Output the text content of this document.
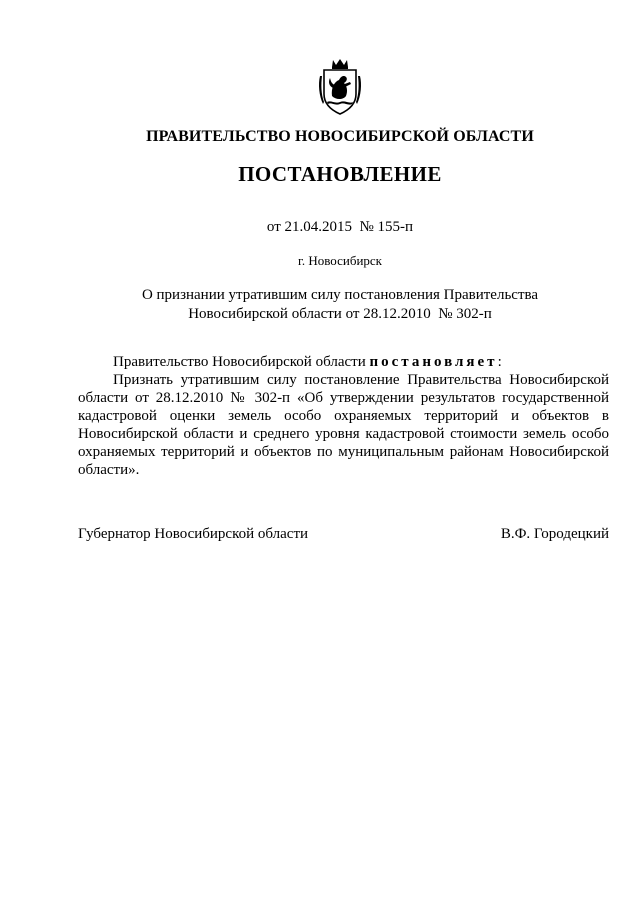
ПРАВИТЕЛЬСТВО НОВОСИБИРСКОЙ ОБЛАСТИ
ПОСТАНОВЛЕНИЕ
от 21.04.2015  № 155-п
г. Новосибирск
О признании утратившим силу постановления Правительства
Новосибирской области от 28.12.2010  № 302-п

Правительство Новосибирской области постановляет:

Признать утратившим силу постановление Правительства Новосибирской области от 28.12.2010 № 302-п «Об утверждении результатов государственной кадастровой оценки земель особо охраняемых территорий и объектов в Новосибирской области и среднего уровня кадастровой стоимости земель особо охраняемых территорий и объектов по муниципальным районам Новосибирской области».

Губернатор Новосибирской области	В.Ф. Городецкий
